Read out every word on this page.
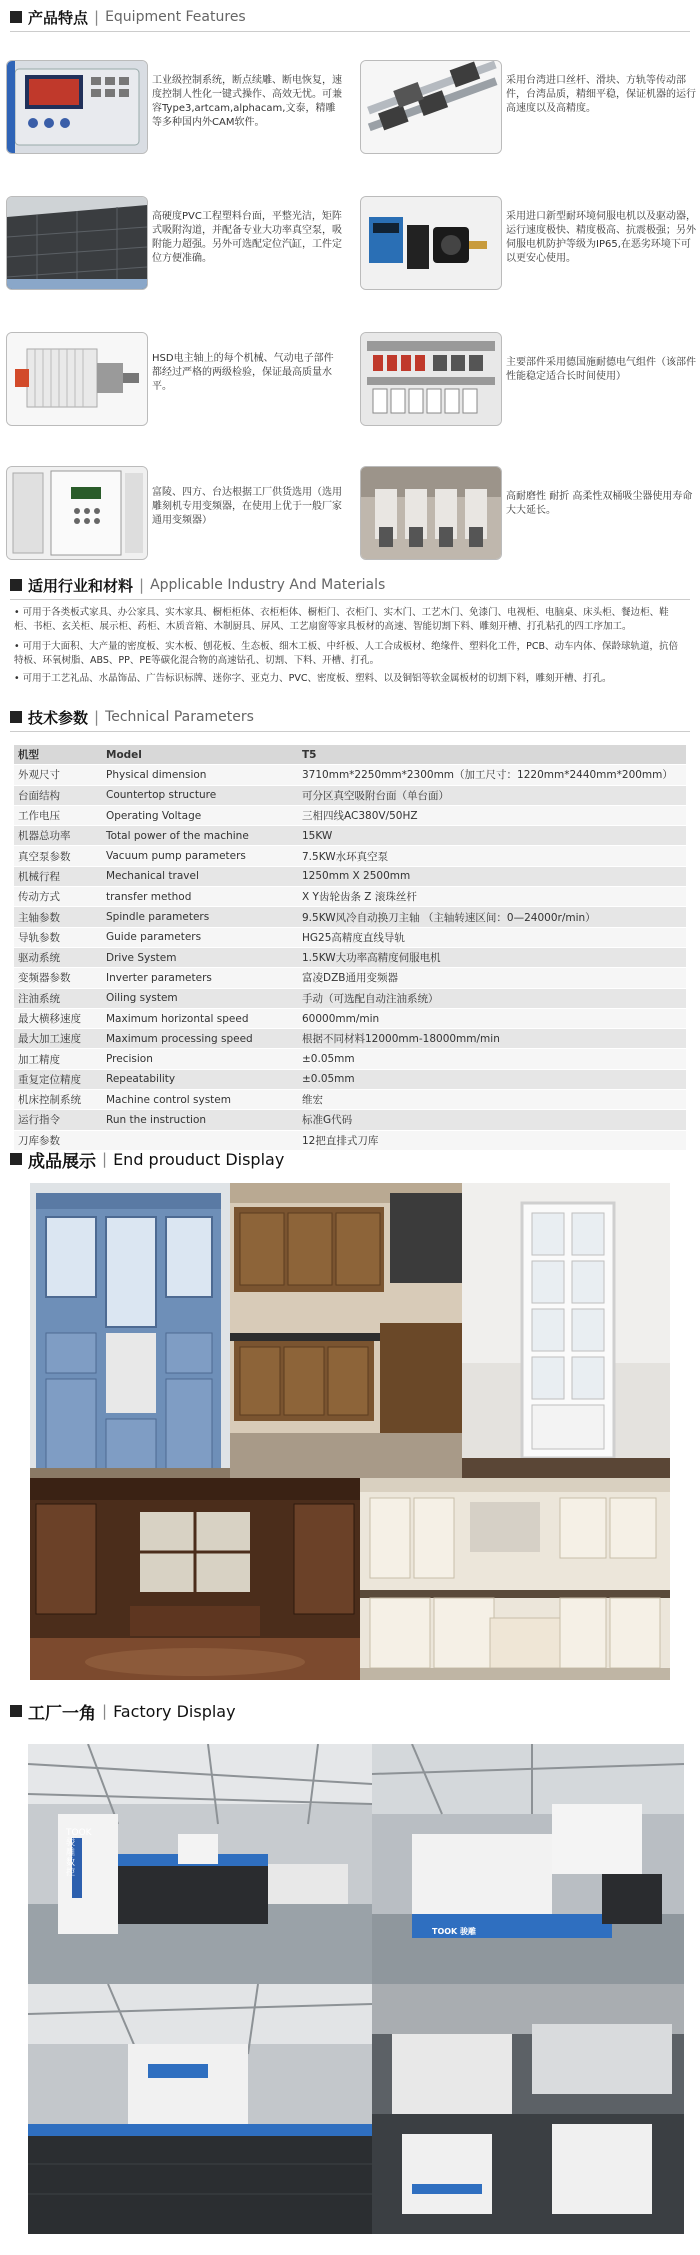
产品特点 | Equipment Features
工业级控制系统，断点续雕、断电恢复，速度控制人性化一键式操作、高效无忧。可兼容Type3,artcam,alphacam,文泰，精雕等多种国内外CAM软件。
采用台湾进口丝杆、滑块、方轨等传动部件，台湾品质，精细平稳，保证机器的运行高速度以及高精度。
高硬度PVC工程塑料台面，平整光洁，矩阵式吸附沟道，并配备专业大功率真空泵，吸附能力超强。另外可选配定位汽缸，工件定位方便准确。
采用进口新型耐环境伺服电机以及驱动器，运行速度极快、精度极高、抗震极强；另外伺服电机防护等级为IP65,在恶劣环境下可以更安心使用。
HSD电主轴上的每个机械、气动电子部件都经过严格的两级检验，保证最高质量水平。
主要部件采用德国施耐德电气组件（该部件性能稳定适合长时间使用）
富陵、四方、台达根据工厂供货选用（选用雕刻机专用变频器，在使用上优于一般厂家通用变频器）
高耐磨性 耐折 高柔性双桶吸尘器使用寿命大大延长。
适用行业和材料 | Applicable Industry And Materials
• 可用于各类板式家具、办公家具、实木家具、橱柜柜体、衣柜柜体、橱柜门、衣柜门、实木门、工艺木门、免漆门、电视柜、电脑桌、床头柜、餐边柜、鞋柜、书柜、玄关柜、展示柜、药柜、木质音箱、木制厨具、屏风、工艺扇窗等家具板材的高速、智能切割下料、雕刻开槽、打孔粘孔的四工序加工。
• 可用于大面积、大产量的密度板、实木板、刨花板、生态板、细木工板、中纤板、人工合成板材、绝缘件、塑料化工件，PCB、动车内体、保龄球轨道，抗倍特板、环氧树脂、ABS、PP、PE等碳化混合物的高速钻孔、切割、下料、开槽、打孔。
• 可用于工艺礼品、水晶饰品、广告标识标牌、迷你字、亚克力、PVC、密度板、塑料、以及铜铝等软金属板材的切割下料，雕刻开槽、打孔。
技术参数 | Technical Parameters
机型	Model	T5
外观尺寸	Physical dimension	3710mm*2250mm*2300mm（加工尺寸：1220mm*2440mm*200mm）
台面结构	Countertop structure	可分区真空吸附台面（单台面）
工作电压	Operating Voltage	三相四线AC380V/50HZ
机器总功率	Total power of the machine	15KW
真空泵参数	Vacuum pump parameters	7.5KW水环真空泵
机械行程	Mechanical travel	1250mm X 2500mm
传动方式	transfer method	X Y齿轮齿条 Z 滚珠丝杆
主轴参数	Spindle parameters	9.5KW风冷自动换刀主轴 （主轴转速区间：0—24000r/min）
导轨参数	Guide parameters	HG25高精度直线导轨
驱动系统	Drive System	1.5KW大功率高精度伺服电机
变频器参数	Inverter parameters	富凌DZB通用变频器
注油系统	Oiling system	手动（可选配自动注油系统）
最大横移速度	Maximum horizontal speed	60000mm/min
最大加工速度	Maximum processing speed	根据不同材料12000mm-18000mm/min
加工精度	Precision	±0.05mm
重复定位精度	Repeatability	±0.05mm
机床控制系统	Machine control system	维宏
运行指令	Run the instruction	标准G代码
刀库参数		12把直排式刀库
成品展示 | End prouduct Display
工厂一角 | Factory Display
TOOK 骏雕数控
TOOK 骏雕
